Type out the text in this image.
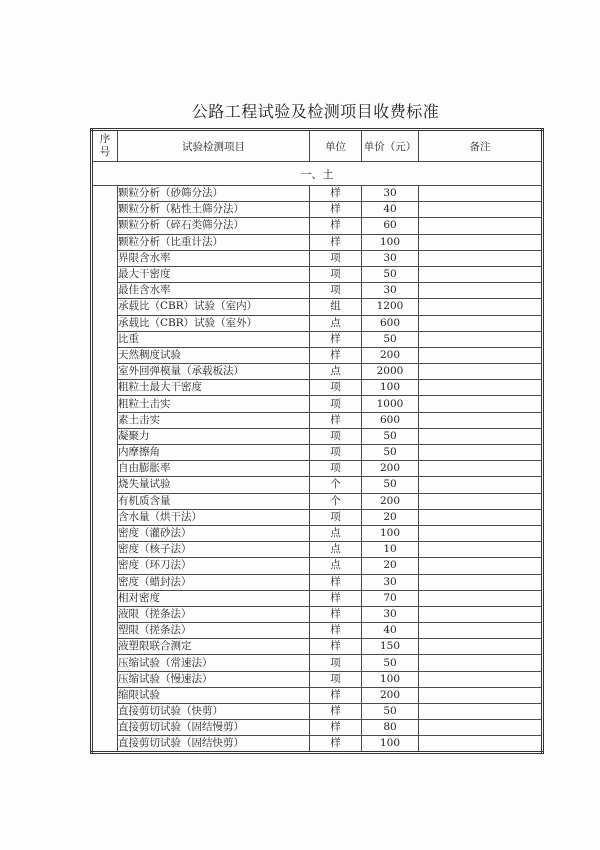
公路工程试验及检测项目收费标准
序
号	试验检测项目	单位	单价（元）	备注
一、土				
	颗粒分析（砂筛分法）	样	30	
	颗粒分析（粘性土筛分法）	样	40	
	颗粒分析（碎石类筛分法）	样	60	
	颗粒分析（比重计法）	样	100	
	界限含水率	项	30	
	最大干密度	项	50	
	最佳含水率	项	30	
	承载比（CBR）试验（室内）	组	1200	
	承载比（CBR）试验（室外）	点	600	
	比重	样	50	
	天然稠度试验	样	200	
	室外回弹模量（承载板法）	点	2000	
	粗粒土最大干密度	项	100	
	粗粒土击实	项	1000	
	素土击实	样	600	
	凝聚力	项	50	
	内摩擦角	项	50	
	自由膨胀率	项	200	
	烧失量试验	个	50	
	有机质含量	个	200	
	含水量（烘干法）	项	20	
	密度（灌砂法）	点	100	
	密度（核子法）	点	10	
	密度（环刀法）	点	20	
	密度（蜡封法）	样	30	
	相对密度	样	70	
	液限（搓条法）	样	30	
	塑限（搓条法）	样	40	
	液塑限联合测定	样	150	
	压缩试验（常速法）	项	50	
	压缩试验（慢速法）	项	100	
	缩限试验	样	200	
	直接剪切试验（快剪）	样	50	
	直接剪切试验（固结慢剪）	样	80	
	直接剪切试验（固结快剪）	样	100	
